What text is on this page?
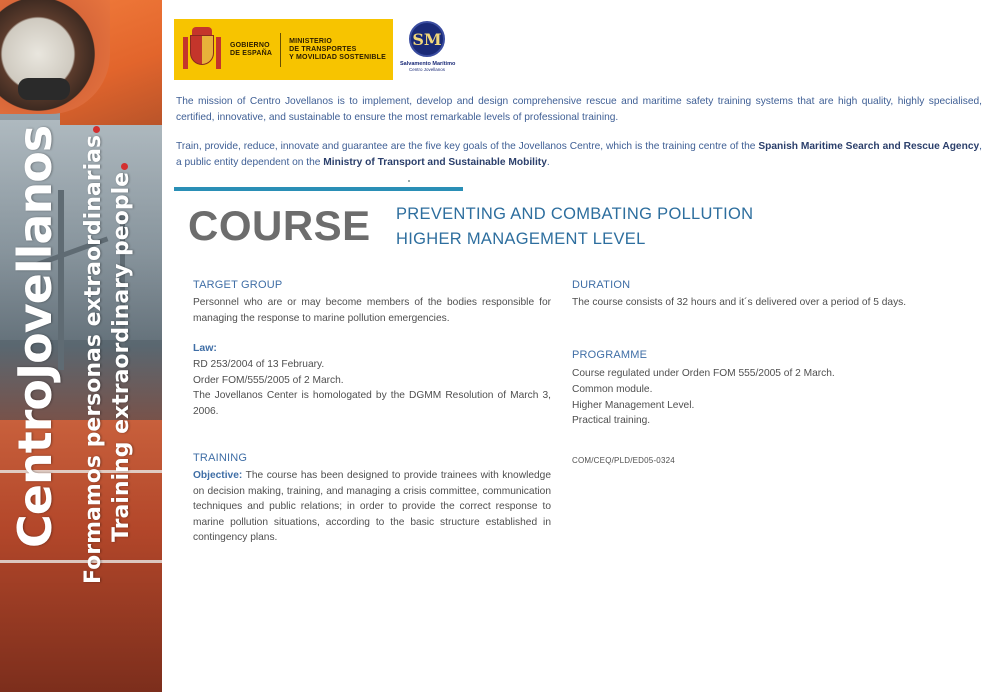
CentroJovellanos Formamos personas extraordinarias Training extraordinary people
GOBIERNO
DE ESPAÑA
MINISTERIO
DE TRANSPORTES
Y MOVILIDAD SOSTENIBLE
SM
Salvamento Marítimo
Centro Jovellanos

The mission of Centro Jovellanos is to implement, develop and design comprehensive rescue and maritime safety training systems that are high quality, highly specialised, certified, innovative, and sustainable to ensure the most remarkable levels of professional training.

Train, provide, reduce, innovate and guarantee are the five key goals of the Jovellanos Centre, which is the training centre of the Spanish Maritime Search and Rescue Agency, a public entity dependent on the Ministry of Transport and Sustainable Mobility.

COURSE PREVENTING AND COMBATING POLLUTION
HIGHER MANAGEMENT LEVEL
TARGET GROUP

Personnel who are or may become members of the bodies responsible for managing the response to marine pollution emergencies.

Law:
RD 253/2004 of 13 February.
Order FOM/555/2005 of 2 March.
The Jovellanos Center is homologated by the DGMM Resolution of March 3, 2006.
TRAINING

Objective: The course has been designed to provide trainees with knowledge on decision making, training, and managing a crisis committee, communication techniques and public relations; in order to provide the correct response to marine pollution situations, according to the basic structure established in contingency plans.

DURATION

The course consists of 32 hours and it´s delivered over a period of 5 days.

PROGRAMME
Course regulated under Orden FOM 555/2005 of 2 March.
Common module.
Higher Management Level.
Practical training.
COM/CEQ/PLD/ED05-0324
